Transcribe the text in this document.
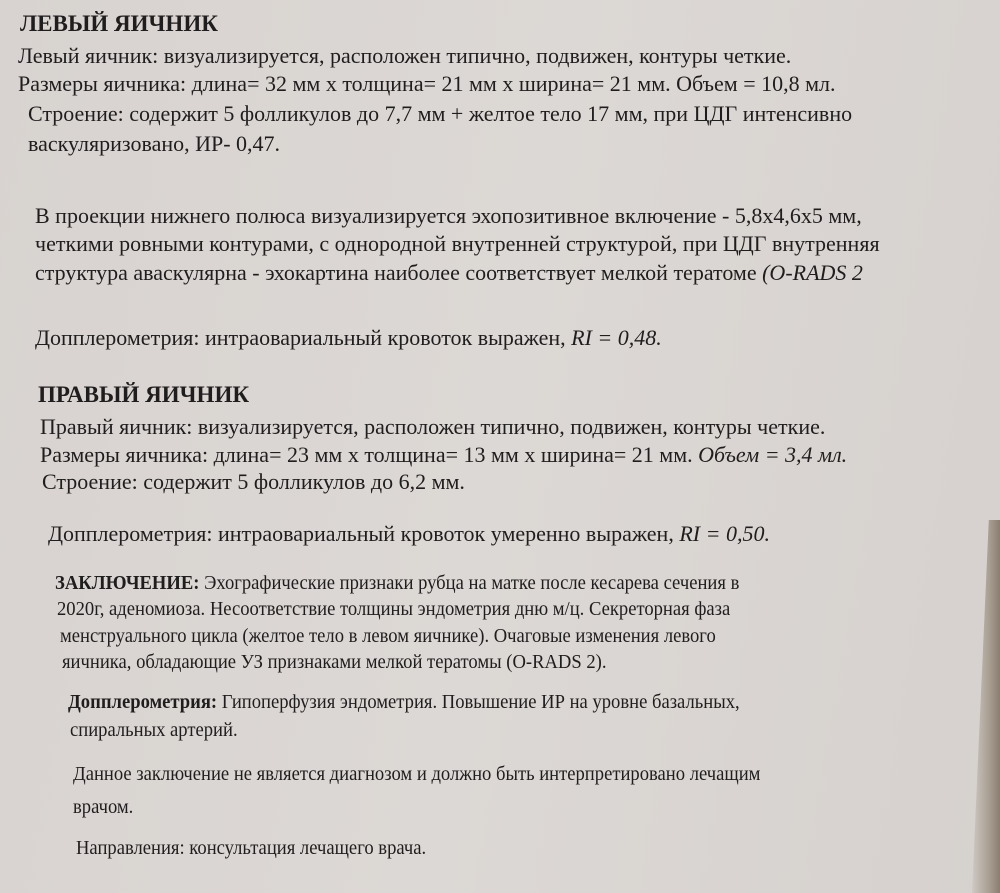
ЛЕВЫЙ ЯИЧНИК
Левый яичник: визуализируется, расположен типично, подвижен, контуры четкие.
Размеры яичника: длина= 32 мм х толщина= 21 мм х ширина= 21 мм. Объем = 10,8 мл.
Строение: содержит 5 фолликулов до 7,7 мм + желтое тело 17 мм, при ЦДГ интенсивно
васкуляризовано, ИР- 0,47.
В проекции нижнего полюса визуализируется эхопозитивное включение - 5,8х4,6х5 мм,
четкими ровными контурами, с однородной внутренней структурой, при ЦДГ внутренняя
структура аваскулярна - эхокартина наиболее соответствует мелкой тератоме (O-RADS 2
Допплерометрия: интраовариальный кровоток выражен, RI = 0,48.
ПРАВЫЙ ЯИЧНИК
Правый яичник: визуализируется, расположен типично, подвижен, контуры четкие.
Размеры яичника: длина= 23 мм х толщина= 13 мм х ширина= 21 мм. Объем = 3,4 мл.
Строение: содержит 5 фолликулов до 6,2 мм.
Допплерометрия: интраовариальный кровоток умеренно выражен, RI = 0,50.
ЗАКЛЮЧЕНИЕ: Эхографические признаки рубца на матке после кесарева сечения в
2020г, аденомиоза. Несоответствие толщины эндометрия дню м/ц. Секреторная фаза
менструального цикла (желтое тело в левом яичнике). Очаговые изменения левого
яичника, обладающие УЗ признаками мелкой тератомы (O-RADS 2).
Допплерометрия: Гипоперфузия эндометрия. Повышение ИР на уровне базальных,
спиральных артерий.
Данное заключение не является диагнозом и должно быть интерпретировано лечащим
врачом.
Направления: консультация лечащего врача.
